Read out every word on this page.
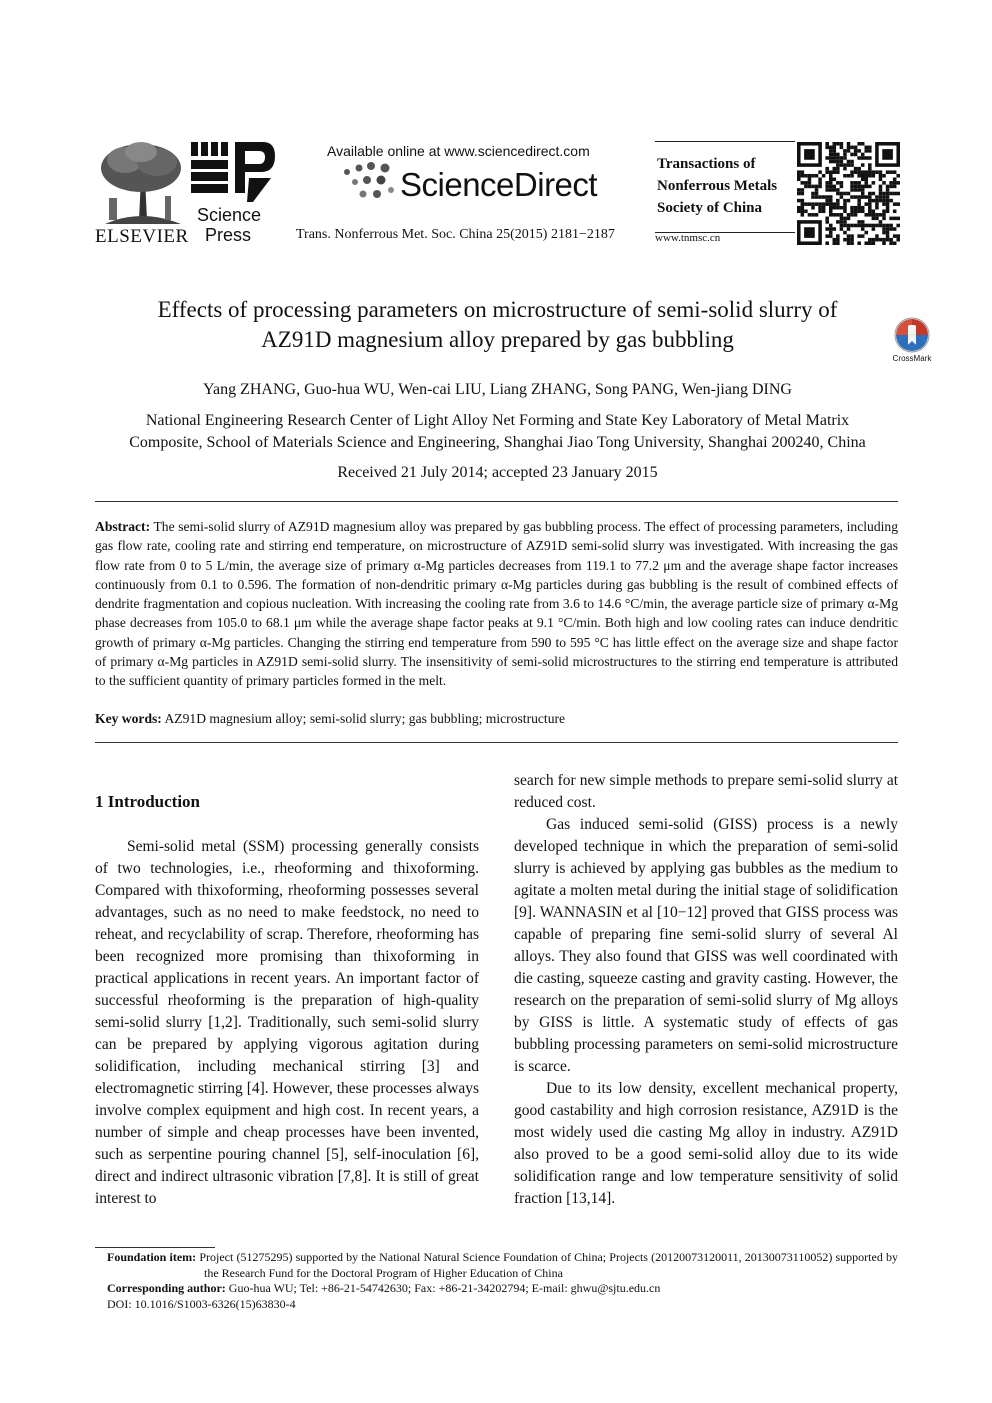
ELSEVIER
Science
Press
Available online at www.sciencedirect.com
ScienceDirect
Trans. Nonferrous Met. Soc. China 25(2015) 2181−2187
Transactions of
Nonferrous Metals
Society of China
www.tnmsc.cn
Effects of processing parameters on microstructure of semi-solid slurry of
AZ91D magnesium alloy prepared by gas bubbling
CrossMark
Yang ZHANG, Guo-hua WU, Wen-cai LIU, Liang ZHANG, Song PANG, Wen-jiang DING
National Engineering Research Center of Light Alloy Net Forming and State Key Laboratory of Metal Matrix
Composite, School of Materials Science and Engineering, Shanghai Jiao Tong University, Shanghai 200240, China
Received 21 July 2014; accepted 23 January 2015
Abstract: The semi-solid slurry of AZ91D magnesium alloy was prepared by gas bubbling process. The effect of processing parameters, including gas flow rate, cooling rate and stirring end temperature, on microstructure of AZ91D semi-solid slurry was investigated. With increasing the gas flow rate from 0 to 5 L/min, the average size of primary α-Mg particles decreases from 119.1 to 77.2 μm and the average shape factor increases continuously from 0.1 to 0.596. The formation of non-dendritic primary α-Mg particles during gas bubbling is the result of combined effects of dendrite fragmentation and copious nucleation. With increasing the cooling rate from 3.6 to 14.6 °C/min, the average particle size of primary α-Mg phase decreases from 105.0 to 68.1 μm while the average shape factor peaks at 9.1 °C/min. Both high and low cooling rates can induce dendritic growth of primary α-Mg particles. Changing the stirring end temperature from 590 to 595 °C has little effect on the average size and shape factor of primary α-Mg particles in AZ91D semi-solid slurry. The insensitivity of semi-solid microstructures to the stirring end temperature is attributed to the sufficient quantity of primary particles formed in the melt.
Key words: AZ91D magnesium alloy; semi-solid slurry; gas bubbling; microstructure
1 Introduction

Semi-solid metal (SSM) processing generally consists of two technologies, i.e., rheoforming and thixoforming. Compared with thixoforming, rheoforming possesses several advantages, such as no need to make feedstock, no need to reheat, and recyclability of scrap. Therefore, rheoforming has been recognized more promising than thixoforming in practical applications in recent years. An important factor of successful rheoforming is the preparation of high-quality semi-solid slurry [1,2]. Traditionally, such semi-solid slurry can be prepared by applying vigorous agitation during solidification, including mechanical stirring [3] and electromagnetic stirring [4]. However, these processes always involve complex equipment and high cost. In recent years, a number of simple and cheap processes have been invented, such as serpentine pouring channel [5], self-inoculation [6], direct and indirect ultrasonic vibration [7,8]. It is still of great interest to

search for new simple methods to prepare semi-solid slurry at reduced cost.

Gas induced semi-solid (GISS) process is a newly developed technique in which the preparation of semi-solid slurry is achieved by applying gas bubbles as the medium to agitate a molten metal during the initial stage of solidification [9]. WANNASIN et al [10−12] proved that GISS process was capable of preparing fine semi-solid slurry of several Al alloys. They also found that GISS was well coordinated with die casting, squeeze casting and gravity casting. However, the research on the preparation of semi-solid slurry of Mg alloys by GISS is little. A systematic study of effects of gas bubbling processing parameters on semi-solid microstructure is scarce.

Due to its low density, excellent mechanical property, good castability and high corrosion resistance, AZ91D is the most widely used die casting Mg alloy in industry. AZ91D also proved to be a good semi-solid alloy due to its wide solidification range and low temperature sensitivity of solid fraction [13,14].

Foundation item: Project (51275295) supported by the National Natural Science Foundation of China; Projects (20120073120011, 20130073110052) supported by the Research Fund for the Doctoral Program of Higher Education of China

Corresponding author: Guo-hua WU; Tel: +86-21-54742630; Fax: +86-21-34202794; E-mail: ghwu@sjtu.edu.cn

DOI: 10.1016/S1003-6326(15)63830-4
